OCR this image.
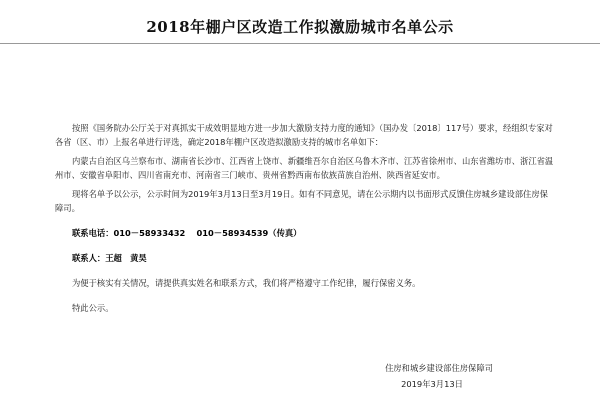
2018年棚户区改造工作拟激励城市名单公示

按照《国务院办公厅关于对真抓实干成效明显地方进一步加大激励支持力度的通知》（国办发〔2018〕117号）要求，经组织专家对各省（区、市）上报名单进行评选，确定2018年棚户区改造拟激励支持的城市名单如下：

内蒙古自治区乌兰察布市、湖南省长沙市、江西省上饶市、新疆维吾尔自治区乌鲁木齐市、江苏省徐州市、山东省潍坊市、浙江省温州市、安徽省阜阳市、四川省南充市、河南省三门峡市、贵州省黔西南布依族苗族自治州、陕西省延安市。

现将名单予以公示，公示时间为2019年3月13日至3月19日。如有不同意见，请在公示期内以书面形式反馈住房城乡建设部住房保障司。

联系电话：010－58933432　 010－58934539（传真）

联系人：王超　黄昊

为便于核实有关情况，请提供真实姓名和联系方式，我们将严格遵守工作纪律，履行保密义务。

特此公示。

住房和城乡建设部住房保障司
2019年3月13日
